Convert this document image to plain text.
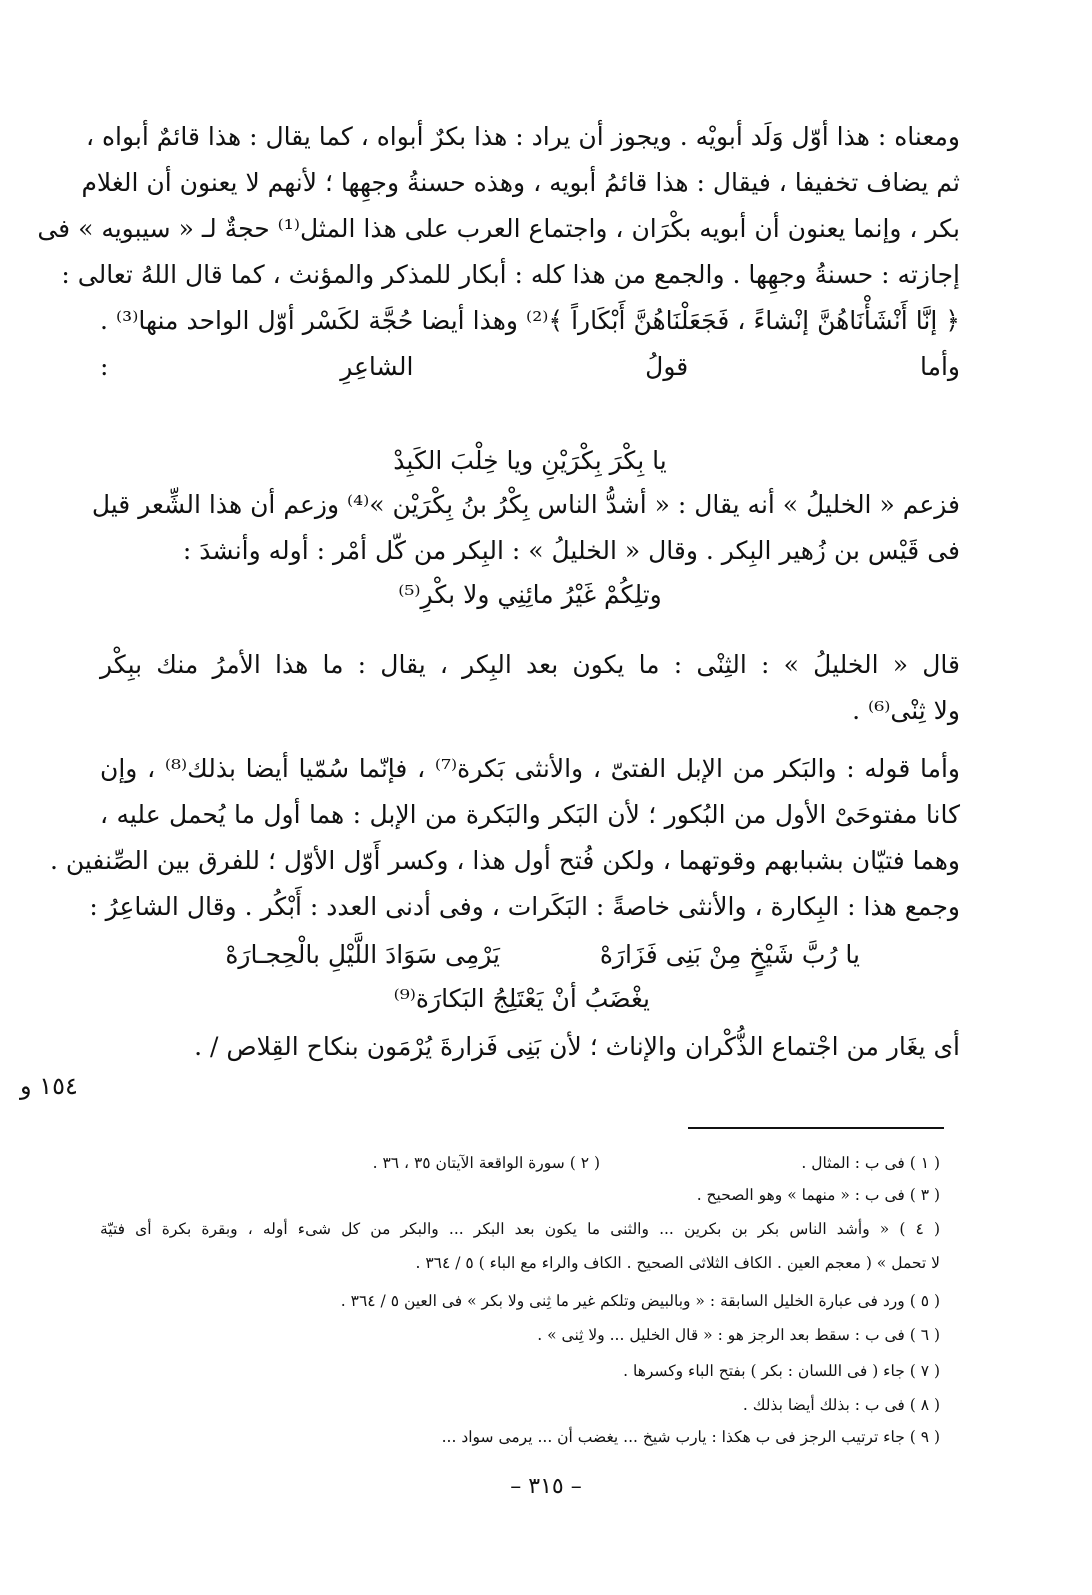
ومعناه : هذا أوّل وَلَد أبويْه . ويجوز أن يراد : هذا بكرٌ أبواه ، كما يقال : هذا قائمٌ أبواه ،
ثم يضاف تخفيفا ، فيقال : هذا قائمُ أبويه ، وهذه حسنةُ وجهِها ؛ لأنهم لا يعنون أن الغلام
بكر ، وإنما يعنون أن أبويه بكْرَان ، واجتماع العرب على هذا المثل⁽¹⁾ حجةٌ لـ « سيبويه » فى
إجازته : حسنةُ وجهِها . والجمع من هذا كله : أبكار للمذكر والمؤنث ، كما قال اللهُ تعالى :
﴿ إنَّا أَنْشَأْنَاهُنَّ إنْشاءً ، فَجَعَلْنَاهُنَّ أَبْكَاراً ﴾⁽²⁾ وهذا أيضا حُجَّة لكَسْر أوّل الواحد منها⁽³⁾ .
وأما قولُ الشاعِرِ :
يا بِكْرَ بِكْرَيْنِ ويا خِلْبَ الكَبِدْ
فزعم « الخليلُ » أنه يقال : « أشدُّ الناس بِكْرُ بنُ بِكْرَيْن »⁽⁴⁾ وزعم أن هذا الشِّعر قيل
فى قَيْس بن زُهير البِكر . وقال « الخليلُ » : البِكر من كّل أمْر : أوله وأنشدَ :
وتلِكُمْ غَيْرُ مائِنِي ولا بكْرِ⁽⁵⁾
قال « الخليلُ » : الثِنْى : ما يكون بعد البِكر ، يقال : ما هذا الأمرُ منك ببِكْر
ولا ثِنْى⁽⁶⁾ .
وأما قوله : والبَكر من الإبل الفتىّ ، والأنثى بَكرة⁽⁷⁾ ، فإنّما سُمّيا أيضا بذلك⁽⁸⁾ ، وإن
كانا مفتوحَىْ الأول من البُكور ؛ لأن البَكر والبَكرة من الإبل : هما أول ما يُحمل عليه ،
وهما فتيّان بشبابهم وقوتهما ، ولكن فُتح أول هذا ، وكسر أَوّل الأوّل ؛ للفرق بين الصِّنفين .
وجمع هذا : البِكارة ، والأنثى خاصةً : البَكَرات ، وفى أدنى العدد : أَبْكُر . وقال الشاعِرُ :
يا رُبَّ شَيْخٍ مِنْ بَنِى فَزَارَهْ
يَرْمِى سَوَادَ اللَّيْلِ بالْحِجـارَهْ
يغْضَبُ أنْ يَعْتَلِجُ البَكارَة⁽⁹⁾
أى يغَار من اجْتماع الذُّكْران والإناث ؛ لأن بَنِى فَزارةَ يُرْمَون بنكاح القِلاص / .
١٥٤ و
( ١ ) فى ب : المثال .
( ٢ ) سورة الواقعة الآيتان ٣٥ ، ٣٦ .
( ٣ ) فى ب : « منهما » وهو الصحيح .
( ٤ ) « وأشد الناس بكر بن بكرين ... والثنى ما يكون بعد البكر ... والبكر من كل شىء أوله ، وبقرة بكرة أى فتيّة
لا تحمل » ( معجم العين . الكاف الثلاثى الصحيح . الكاف والراء مع الباء ) ٥ / ٣٦٤ .
( ٥ ) ورد فى عبارة الخليل السابقة : « وبالبيض وتلكم غير ما ثِنى ولا بكر » فى العين ٥ / ٣٦٤ .
( ٦ ) فى ب : سقط بعد الرجز هو : « قال الخليل ... ولا ثِنى » .
( ٧ ) جاء ( فى اللسان : بكر ) بفتح الباء وكسرها .
( ٨ ) فى ب : بذلك أيضا بذلك .
( ٩ ) جاء ترتيب الرجز فى ب هكذا : يارب شيخ ... يغضب أن ... يرمى سواد ...
– ٣١٥ –
